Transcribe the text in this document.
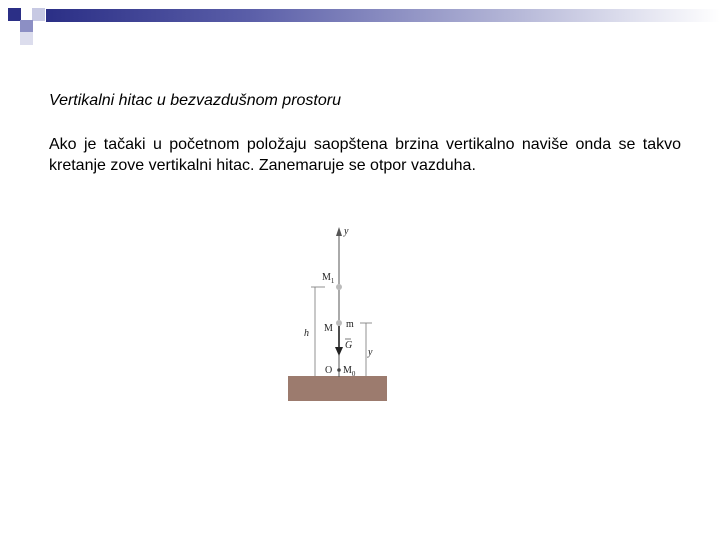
Vertikalni hitac u bezvazdušnom prostoru
Ako je tačaki u početnom položaju saopštena brzina vertikalno naviše onda se takvo kretanje zove vertikalni hitac. Zanemaruje se otpor vazduha.
y
h
y
$M_1$
M m
G
O $M_0$
